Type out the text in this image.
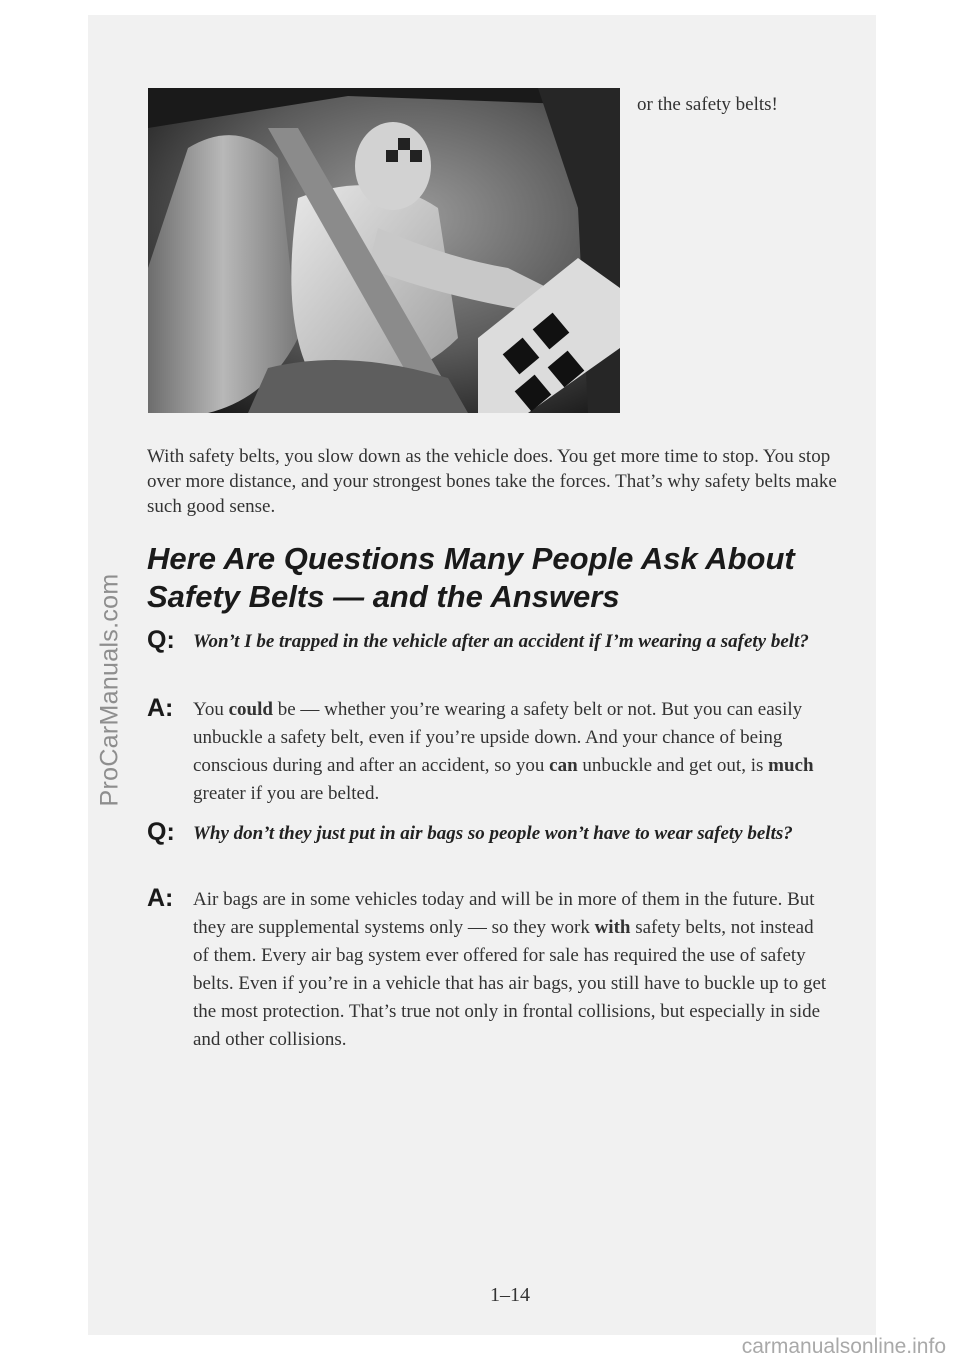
ProCarManuals.com
or the safety belts!

With safety belts, you slow down as the vehicle does. You get more time to stop. You stop over more distance, and your strongest bones take the forces. That’s why safety belts make such good sense.

Here Are Questions Many People Ask About Safety Belts — and the Answers
Q: Won’t I be trapped in the vehicle after an accident if I’m wearing a safety belt?
A: You could be — whether you’re wearing a safety belt or not. But you can easily unbuckle a safety belt, even if you’re upside down. And your chance of being conscious during and after an accident, so you can unbuckle and get out, is much greater if you are belted.
Q: Why don’t they just put in air bags so people won’t have to wear safety belts?
A: Air bags are in some vehicles today and will be in more of them in the future. But they are supplemental systems only — so they work with safety belts, not instead of them. Every air bag system ever offered for sale has required the use of safety belts. Even if you’re in a vehicle that has air bags, you still have to buckle up to get the most protection. That’s true not only in frontal collisions, but especially in side and other collisions.
1–14
carmanualsonline.info
